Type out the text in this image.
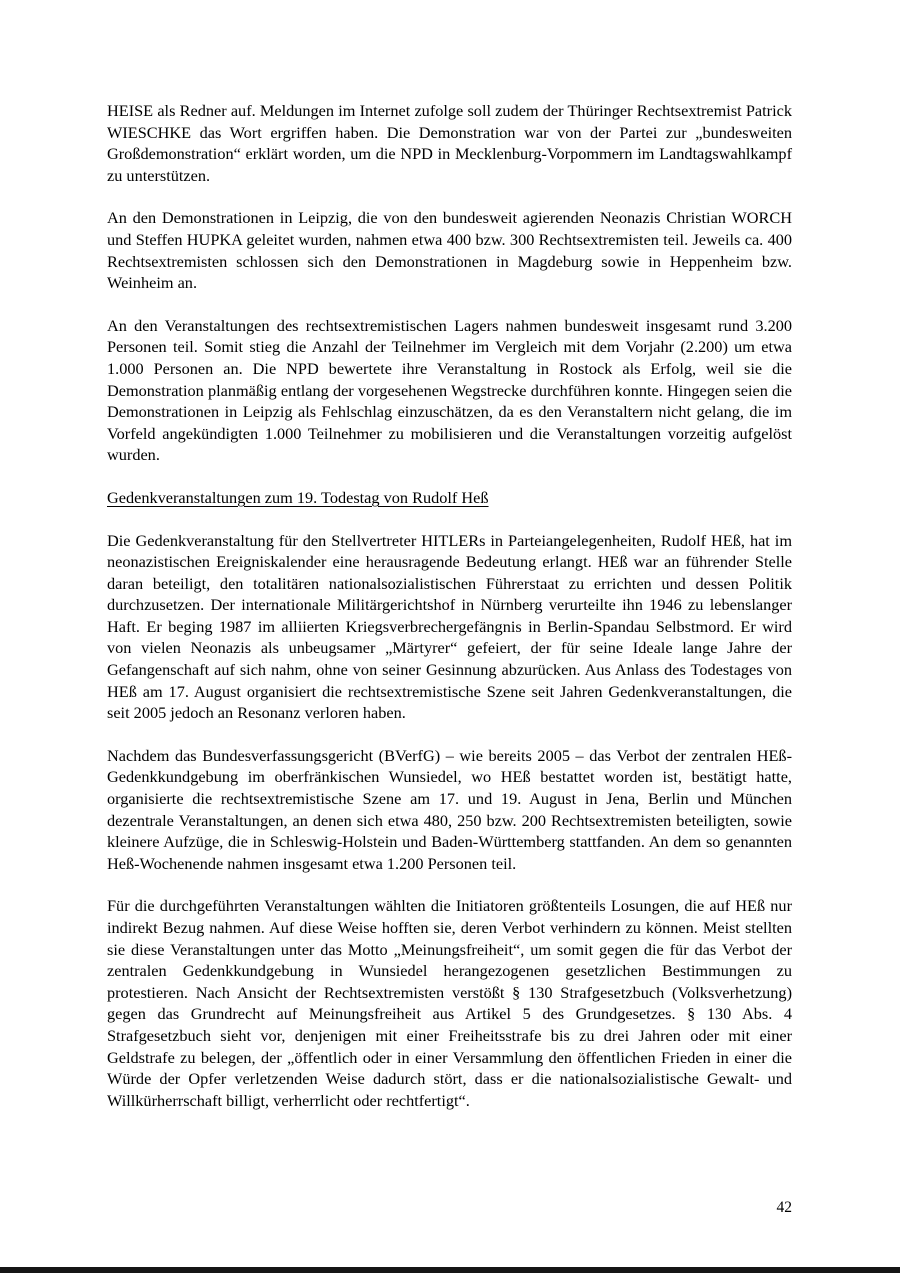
HEISE als Redner auf. Meldungen im Internet zufolge soll zudem der Thüringer Rechtsextremist Patrick WIESCHKE das Wort ergriffen haben. Die Demonstration war von der Partei zur „bundesweiten Großdemonstration“ erklärt worden, um die NPD in Mecklenburg-Vorpommern im Landtagswahlkampf zu unterstützen.

An den Demonstrationen in Leipzig, die von den bundesweit agierenden Neonazis Christian WORCH und Steffen HUPKA geleitet wurden, nahmen etwa 400 bzw. 300 Rechtsextremisten teil. Jeweils ca. 400 Rechtsextremisten schlossen sich den Demonstrationen in Magdeburg sowie in Heppenheim bzw. Weinheim an.

An den Veranstaltungen des rechtsextremistischen Lagers nahmen bundesweit insgesamt rund 3.200 Personen teil. Somit stieg die Anzahl der Teilnehmer im Vergleich mit dem Vorjahr (2.200) um etwa 1.000 Personen an. Die NPD bewertete ihre Veranstaltung in Rostock als Erfolg, weil sie die Demonstration planmäßig entlang der vorgesehenen Wegstrecke durchführen konnte. Hingegen seien die Demonstrationen in Leipzig als Fehlschlag einzuschätzen, da es den Veranstaltern nicht gelang, die im Vorfeld angekündigten 1.000 Teilnehmer zu mobilisieren und die Veranstaltungen vorzeitig aufgelöst wurden.

Gedenkveranstaltungen zum 19. Todestag von Rudolf Heß

Die Gedenkveranstaltung für den Stellvertreter HITLERs in Parteiangelegenheiten, Rudolf HEß, hat im neonazistischen Ereigniskalender eine herausragende Bedeutung erlangt. HEß war an führender Stelle daran beteiligt, den totalitären nationalsozialistischen Führerstaat zu errichten und dessen Politik durchzusetzen. Der internationale Militärgerichtshof in Nürnberg verurteilte ihn 1946 zu lebenslanger Haft. Er beging 1987 im alliierten Kriegsverbrechergefängnis in Berlin-Spandau Selbstmord. Er wird von vielen Neonazis als unbeugsamer „Märtyrer“ gefeiert, der für seine Ideale lange Jahre der Gefangenschaft auf sich nahm, ohne von seiner Gesinnung abzurücken. Aus Anlass des Todestages von HEß am 17. August organisiert die rechtsextremistische Szene seit Jahren Gedenkveranstaltungen, die seit 2005 jedoch an Resonanz verloren haben.

Nachdem das Bundesverfassungsgericht (BVerfG) – wie bereits 2005 – das Verbot der zentralen HEß-Gedenkkundgebung im oberfränkischen Wunsiedel, wo HEß bestattet worden ist, bestätigt hatte, organisierte die rechtsextremistische Szene am 17. und 19. August in Jena, Berlin und München dezentrale Veranstaltungen, an denen sich etwa 480, 250 bzw. 200 Rechtsextremisten beteiligten, sowie kleinere Aufzüge, die in Schleswig-Holstein und Baden-Württemberg stattfanden. An dem so genannten Heß-Wochenende nahmen insgesamt etwa 1.200 Personen teil.

Für die durchgeführten Veranstaltungen wählten die Initiatoren größtenteils Losungen, die auf HEß nur indirekt Bezug nahmen. Auf diese Weise hofften sie, deren Verbot verhindern zu können. Meist stellten sie diese Veranstaltungen unter das Motto „Meinungsfreiheit“, um somit gegen die für das Verbot der zentralen Gedenkkundgebung in Wunsiedel herangezogenen gesetzlichen Bestimmungen zu protestieren. Nach Ansicht der Rechtsextremisten verstößt § 130 Strafgesetzbuch (Volksverhetzung) gegen das Grundrecht auf Meinungsfreiheit aus Artikel 5 des Grundgesetzes. § 130 Abs. 4 Strafgesetzbuch sieht vor, denjenigen mit einer Freiheitsstrafe bis zu drei Jahren oder mit einer Geldstrafe zu belegen, der „öffentlich oder in einer Versammlung den öffentlichen Frieden in einer die Würde der Opfer verletzenden Weise dadurch stört, dass er die nationalsozialistische Gewalt- und Willkürherrschaft billigt, verherrlicht oder rechtfertigt“.

42
